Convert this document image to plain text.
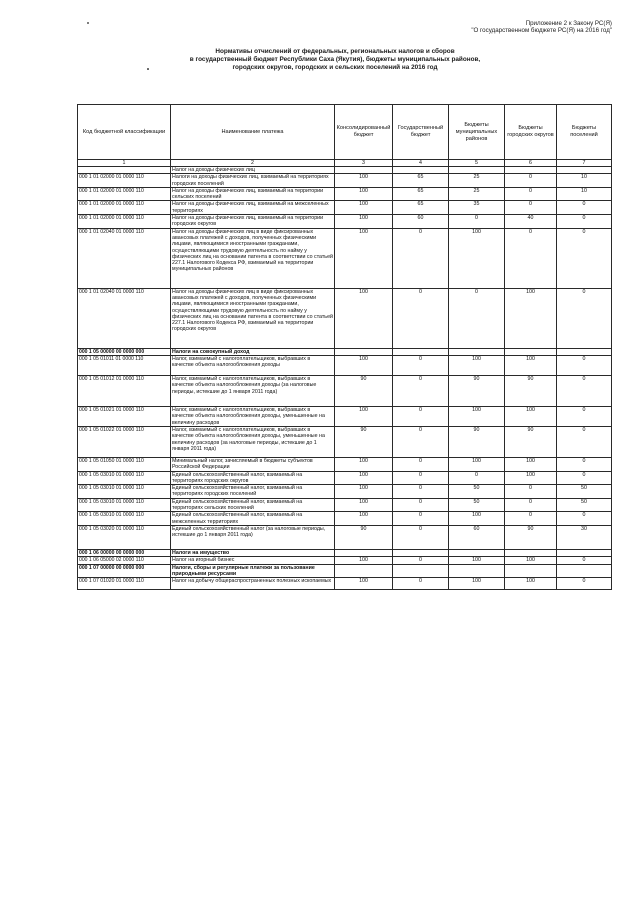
Приложение 2 к Закону РС(Я)
"О государственном бюджете РС(Я) на 2016 год"
Нормативы отчислений от федеральных, региональных налогов и сборов
в государственный бюджет Республики Саха (Якутия), бюджеты муниципальных районов,
городских округов, городских и сельских поселений на 2016 год
Код бюджетной классификации	Наименование платежа	Консолидированный бюджет	Государственный бюджет	Бюджеты муниципальных районов	Бюджеты городских округов	Бюджеты поселений
1	2	3	4	5	6	7
	Налог на доходы физических лиц					
000 1 01 02000 01 0000 110	Налоги на доходы физических лиц, взимаемый на территориях городских поселений	100	65	25	0	10
000 1 01 02000 01 0000 110	Налог на доходы физических лиц, взимаемый на территории сельских поселений	100	65	25	0	10
000 1 01 02000 01 0000 110	Налог на доходы физических лиц, взимаемый на межселенных территориях	100	65	35	0	0
000 1 01 02000 01 0000 110	Налог на доходы физических лиц, взимаемый на территории городских округов	100	60	0	40	0
000 1 01 02040 01 0000 110	Налог на доходы физических лиц в виде фиксированных авансовых платежей с доходов, полученных физическими лицами, являющимися иностранными гражданами, осуществляющими трудовую деятельность по найму у физических лиц на основании патента в соответствии со статьей 227.1 Налогового Кодекса РФ, взимаемый на территории муниципальных районов	100	0	100	0	0
000 1 01 02040 01 0000 110	Налог на доходы физических лиц в виде фиксированных авансовых платежей с доходов, полученных физическими лицами, являющимися иностранными гражданами, осуществляющими трудовую деятельность по найму у физических лиц на основании патента в соответствии со статьей 227.1 Налогового Кодекса РФ, взимаемый на территории городских округов	100	0	0	100	0
000 1 05 00000 00 0000 000	Налоги на совокупный доход					
000 1 05 01011 01 0000 110	Налог, взимаемый с налогоплательщиков, выбравших в качестве объекта налогообложения доходы	100	0	100	100	0
000 1 05 01012 01 0000 110	Налог, взимаемый с налогоплательщиков, выбравших в качестве объекта налогообложения доходы (за налоговые периоды, истекшие до 1 января 2011 года)	90	0	90	90	0
000 1 05 01021 01 0000 110	Налог, взимаемый с налогоплательщиков, выбравших в качестве объекта налогообложения доходы, уменьшенные на величину расходов	100	0	100	100	0
000 1 05 01022 01 0000 110	Налог, взимаемый с налогоплательщиков, выбравших в качестве объекта налогообложения доходы, уменьшенные на величину расходов (за налоговые периоды, истекшие до 1 января 2011 года)	90	0	90	90	0
000 1 05 01050 01 0000 110	Минимальный налог, зачисляемый в бюджеты субъектов Российской Федерации	100	0	100	100	0
000 1 05 03010 01 0000 110	Единый сельскохозяйственный налог, взимаемый на территориях городских округов	100	0	0	100	0
000 1 05 03010 01 0000 110	Единый сельскохозяйственный налог, взимаемый на территориях городских поселений	100	0	50	0	50
000 1 05 03010 01 0000 110	Единый сельскохозяйственный налог, взимаемый на территориях сельских поселений	100	0	50	0	50
000 1 05 03010 01 0000 110	Единый сельскохозяйственный налог, взимаемый на межселенных территориях	100	0	100	0	0
000 1 05 03020 01 0000 110	Единый сельскохозяйственный налог (за налоговые периоды, истекшие до 1 января 2011 года)	90	0	60	90	30
000 1 06 00000 00 0000 000	Налоги на имущество					
000 1 06 05000 02 0000 110	Налог на игорный бизнес	100	0	100	100	0
000 1 07 00000 00 0000 000	Налоги, сборы и регулярные платежи за пользование природными ресурсами					
000 1 07 01020 01 0000 110	Налог на добычу общераспространенных полезных ископаемых	100	0	100	100	0
